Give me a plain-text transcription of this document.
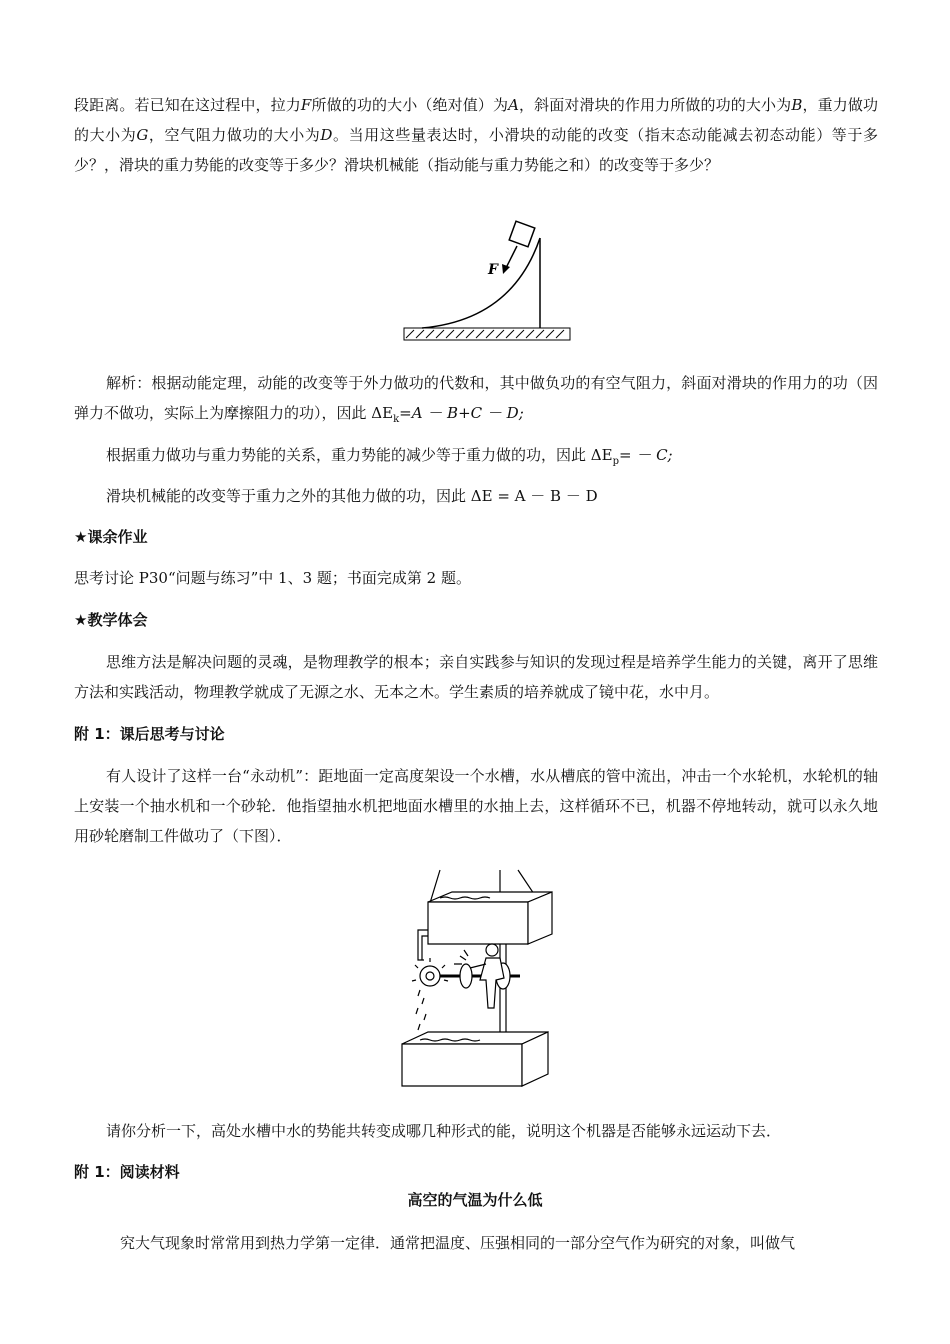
段距离。若已知在这过程中，拉力F所做的功的大小（绝对值）为A，斜面对滑块的作用力所做的功的大小为B，重力做功的大小为G，空气阻力做功的大小为D。当用这些量表达时，小滑块的动能的改变（指末态动能减去初态动能）等于多少？，滑块的重力势能的改变等于多少？滑块机械能（指动能与重力势能之和）的改变等于多少？

F

解析：根据动能定理，动能的改变等于外力做功的代数和，其中做负功的有空气阻力，斜面对滑块的作用力的功（因弹力不做功，实际上为摩擦阻力的功），因此 $\Delta E_k=A - B+C - D$;

根据重力做功与重力势能的关系，重力势能的减少等于重力做的功，因此 $\Delta E_p= - C$;

滑块机械能的改变等于重力之外的其他力做的功，因此 ΔE = A － B － D

★课余作业

思考讨论 P30“问题与练习”中 1、3 题；书面完成第 2 题。

★教学体会

思维方法是解决问题的灵魂，是物理教学的根本；亲自实践参与知识的发现过程是培养学生能力的关键，离开了思维方法和实践活动，物理教学就成了无源之水、无本之木。学生素质的培养就成了镜中花，水中月。

附 1：课后思考与讨论

有人设计了这样一台“永动机”：距地面一定高度架设一个水槽，水从槽底的管中流出，冲击一个水轮机，水轮机的轴上安装一个抽水机和一个砂轮．他指望抽水机把地面水槽里的水抽上去，这样循环不已，机器不停地转动，就可以永久地用砂轮磨制工件做功了（下图）．

请你分析一下，高处水槽中水的势能共转变成哪几种形式的能，说明这个机器是否能够永远运动下去．

附 1：阅读材料

高空的气温为什么低

究大气现象时常常用到热力学第一定律．通常把温度、压强相同的一部分空气作为研究的对象，叫做气
